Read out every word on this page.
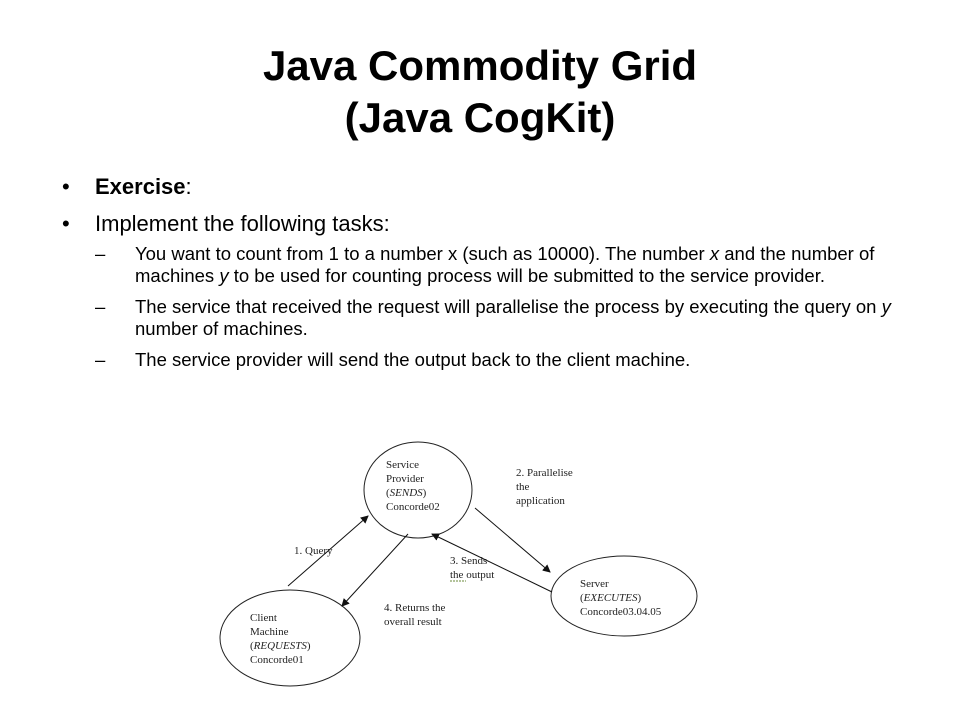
Java Commodity Grid
(Java CogKit)
• Exercise:
• Implement the following tasks:
– You want to count from 1 to a number x (such as 10000). The number x and the number of machines y to be used for counting process will be submitted to the service provider.
– The service that received the request will parallelise the process by executing the query on y number of machines.
– The service provider will send the output back to the client machine.
Service
Provider
(SENDS)
Concorde02
Server
(EXECUTES)
Concorde03.04.05
Client
Machine
(REQUESTS)
Concorde01
1. Query
2. Parallelise
the
application
3. Sends
the output
4. Returns the
overall result
